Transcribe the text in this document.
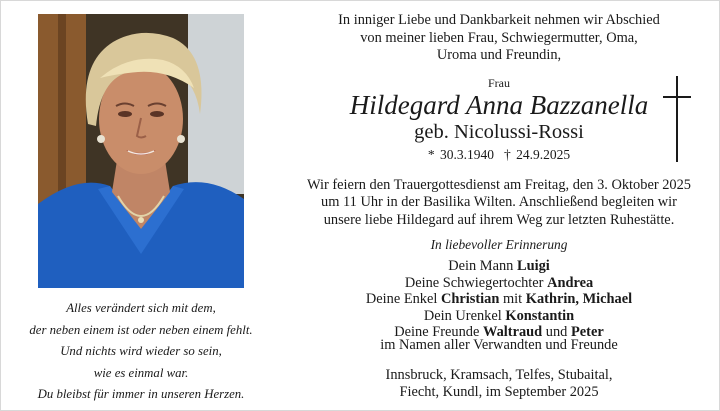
Alles verändert sich mit dem,
der neben einem ist oder neben einem fehlt.
Und nichts wird wieder so sein,
wie es einmal war.
Du bleibst für immer in unseren Herzen.
In inniger Liebe und Dankbarkeit nehmen wir Abschied
von meiner lieben Frau, Schwiegermutter, Oma,
Uroma und Freundin,
Frau
Hildegard Anna Bazzanella
geb. Nicolussi-Rossi
* 30.3.1940 † 24.9.2025
Wir feiern den Trauergottesdienst am Freitag, den 3. Oktober 2025
um 11 Uhr in der Basilika Wilten. Anschließend begleiten wir
unsere liebe Hildegard auf ihrem Weg zur letzten Ruhestätte.
In liebevoller Erinnerung
Dein Mann Luigi
Deine Schwiegertochter Andrea
Deine Enkel Christian mit Kathrin, Michael
Dein Urenkel Konstantin
Deine Freunde Waltraud und Peter
im Namen aller Verwandten und Freunde
Innsbruck, Kramsach, Telfes, Stubaital,
Fiecht, Kundl, im September 2025
